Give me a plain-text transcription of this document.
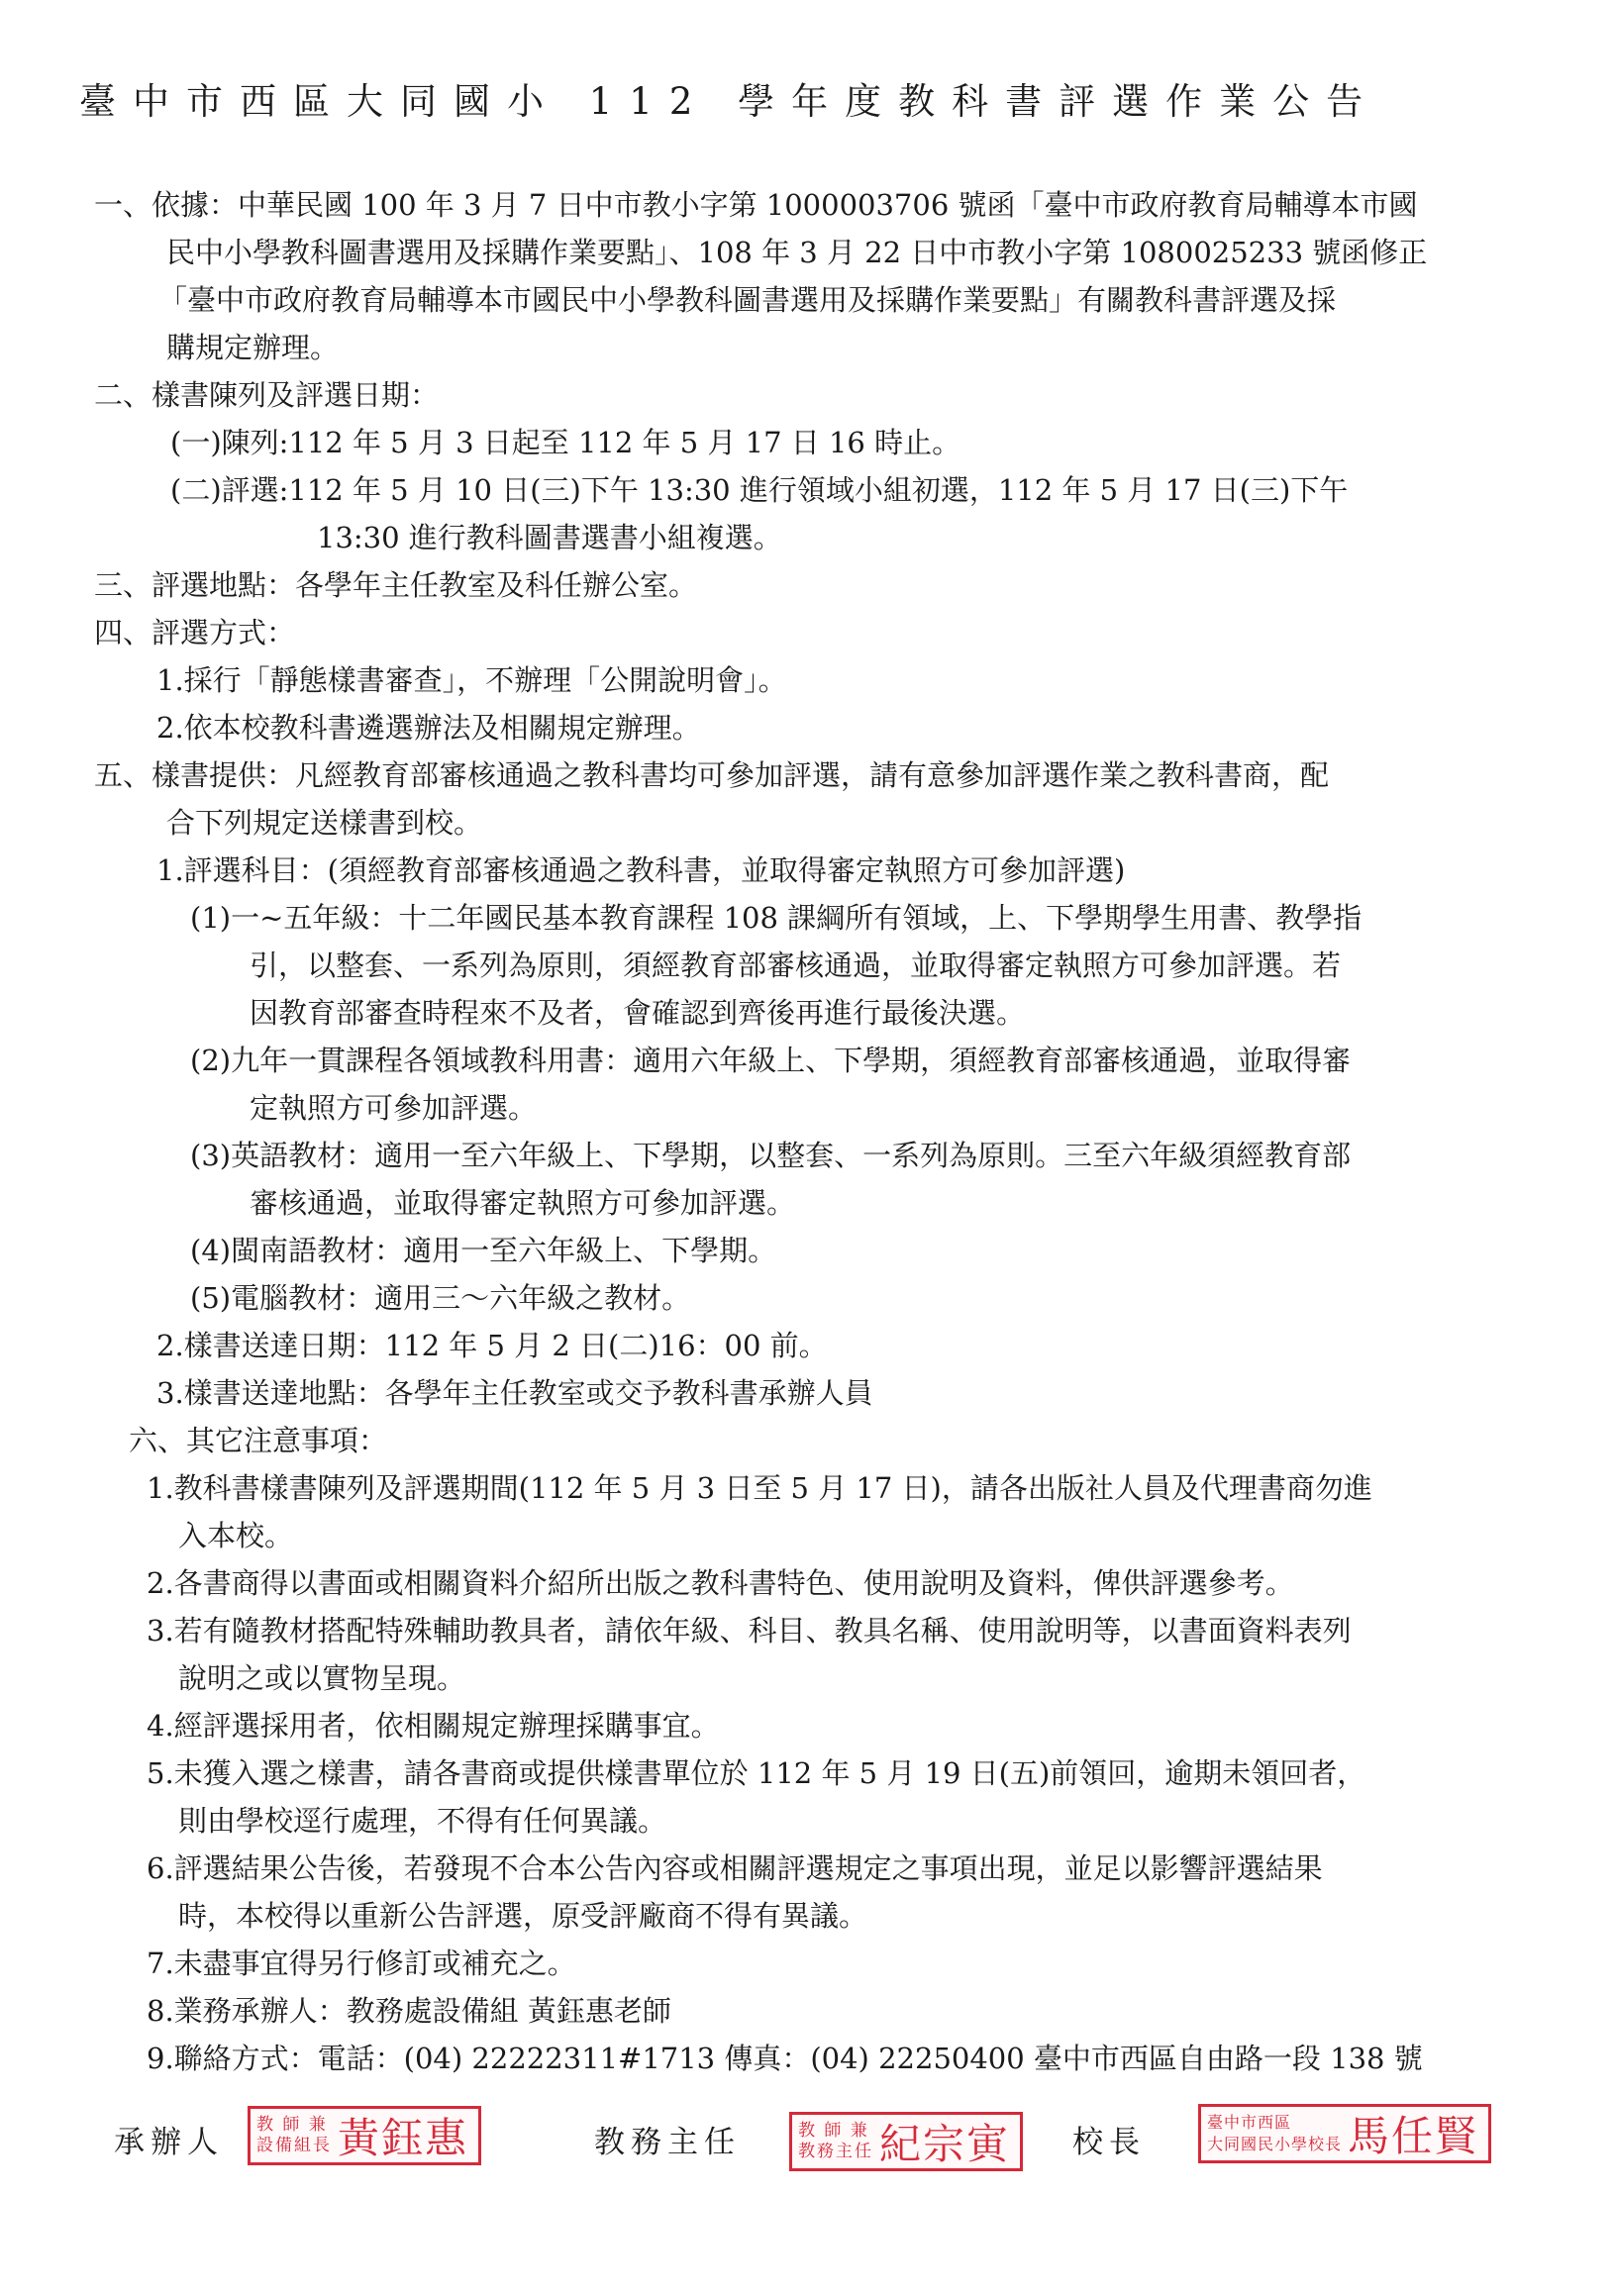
臺中市西區大同國小 112 學年度教科書評選作業公告
一、依據：中華民國 100 年 3 月 7 日中市教小字第 1000003706 號函「臺中市政府教育局輔導本市國
民中小學教科圖書選用及採購作業要點」、108 年 3 月 22 日中市教小字第 1080025233 號函修正
「臺中市政府教育局輔導本市國民中小學教科圖書選用及採購作業要點」有關教科書評選及採
購規定辦理。
二、樣書陳列及評選日期：
(一)陳列:112 年 5 月 3 日起至 112 年 5 月 17 日 16 時止。
(二)評選:112 年 5 月 10 日(三)下午 13:30 進行領域小組初選，112 年 5 月 17 日(三)下午
13:30 進行教科圖書選書小組複選。
三、評選地點：各學年主任教室及科任辦公室。
四、評選方式：
1.採行「靜態樣書審查」，不辦理「公開說明會」。
2.依本校教科書遴選辦法及相關規定辦理。
五、樣書提供：凡經教育部審核通過之教科書均可參加評選，請有意參加評選作業之教科書商，配
合下列規定送樣書到校。
1.評選科目：(須經教育部審核通過之教科書，並取得審定執照方可參加評選)
(1)一~五年級：十二年國民基本教育課程 108 課綱所有領域，上、下學期學生用書、教學指
引，以整套、一系列為原則，須經教育部審核通過，並取得審定執照方可參加評選。若
因教育部審查時程來不及者，會確認到齊後再進行最後決選。
(2)九年一貫課程各領域教科用書：適用六年級上、下學期，須經教育部審核通過，並取得審
定執照方可參加評選。
(3)英語教材：適用一至六年級上、下學期，以整套、一系列為原則。三至六年級須經教育部
審核通過，並取得審定執照方可參加評選。
(4)閩南語教材：適用一至六年級上、下學期。
(5)電腦教材：適用三～六年級之教材。
2.樣書送達日期：112 年 5 月 2 日(二)16：00 前。
3.樣書送達地點：各學年主任教室或交予教科書承辦人員
六、其它注意事項：
1.教科書樣書陳列及評選期間(112 年 5 月 3 日至 5 月 17 日)，請各出版社人員及代理書商勿進
入本校。
2.各書商得以書面或相關資料介紹所出版之教科書特色、使用說明及資料，俾供評選參考。
3.若有隨教材搭配特殊輔助教具者，請依年級、科目、教具名稱、使用說明等，以書面資料表列
說明之或以實物呈現。
4.經評選採用者，依相關規定辦理採購事宜。
5.未獲入選之樣書，請各書商或提供樣書單位於 112 年 5 月 19 日(五)前領回，逾期未領回者，
則由學校逕行處理，不得有任何異議。
6.評選結果公告後，若發現不合本公告內容或相關評選規定之事項出現，並足以影響評選結果
時，本校得以重新公告評選，原受評廠商不得有異議。
7.未盡事宜得另行修訂或補充之。
8.業務承辦人：教務處設備組 黃鈺惠老師
9.聯絡方式：電話：(04) 22222311#1713 傳真：(04) 22250400 臺中市西區自由路一段 138 號
承辦人 教 師 兼
設備組長 黃鈺惠	教務主任	教 師 兼
教務主任 紀宗寅 校長
臺中市西區
大同國民小學校長 馬任賢
